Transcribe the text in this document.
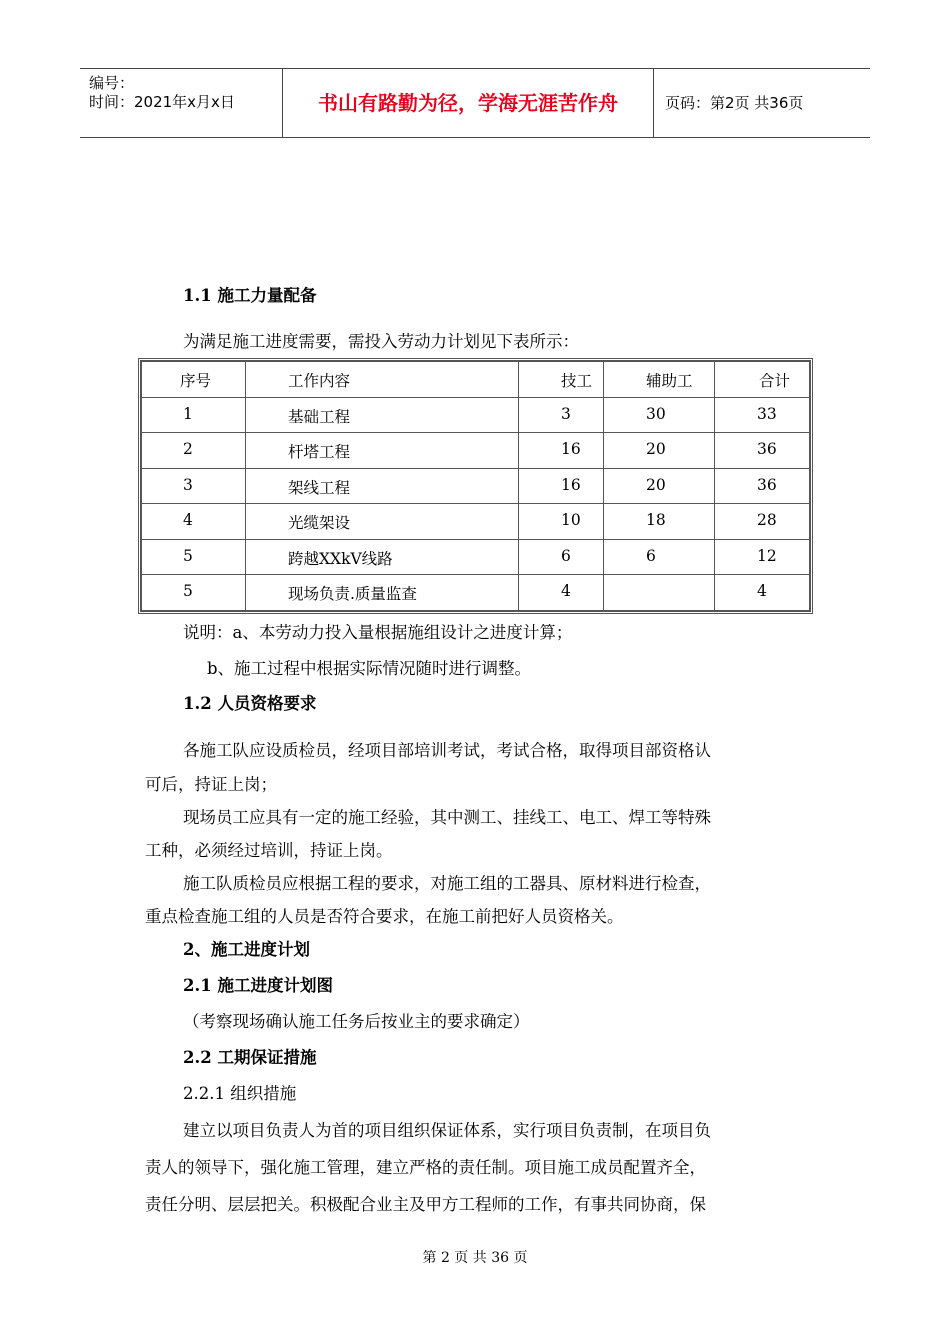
编号：
时间：2021年x月x日	书山有路勤为径，学海无涯苦作舟	页码：第2页 共36页
1.1 施工力量配备
为满足施工进度需要，需投入劳动力计划见下表所示：
序号	工作内容	技工	辅助工	合计

1	基础工程	3	30	33

2	杆塔工程	16	20	36

3	架线工程	16	20	36

4	光缆架设	10	18	28

5	跨越XXkV线路	6	6	12

5	现场负责.质量监查	4		4
说明：a、本劳动力投入量根据施组设计之进度计算；
b、施工过程中根据实际情况随时进行调整。
1.2 人员资格要求
各施工队应设质检员，经项目部培训考试，考试合格，取得项目部资格认
可后，持证上岗；
现场员工应具有一定的施工经验，其中测工、挂线工、电工、焊工等特殊
工种，必须经过培训，持证上岗。
施工队质检员应根据工程的要求，对施工组的工器具、原材料进行检查，
重点检查施工组的人员是否符合要求，在施工前把好人员资格关。
2、施工进度计划
2.1 施工进度计划图
（考察现场确认施工任务后按业主的要求确定）
2.2 工期保证措施
2.2.1 组织措施
建立以项目负责人为首的项目组织保证体系，实行项目负责制，在项目负
责人的领导下，强化施工管理，建立严格的责任制。项目施工成员配置齐全，
责任分明、层层把关。积极配合业主及甲方工程师的工作，有事共同协商，保
第 2 页 共 36 页
